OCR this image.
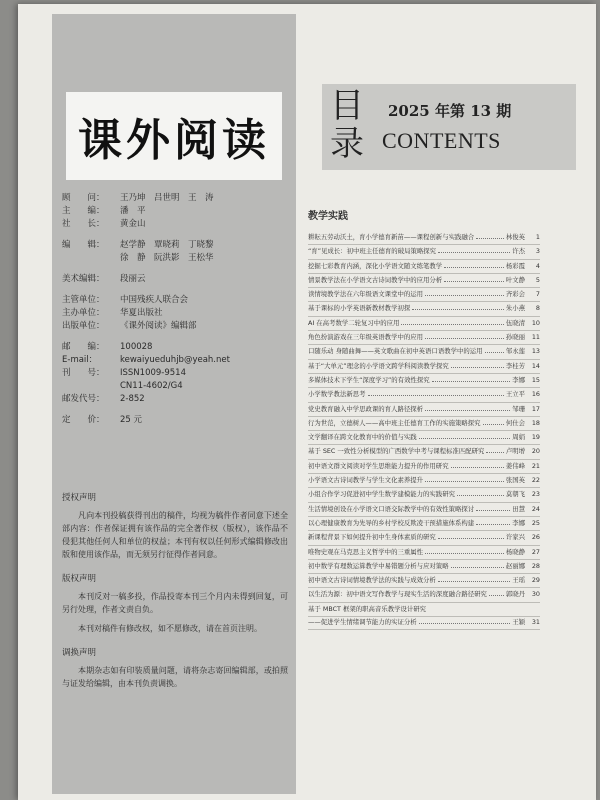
课外阅读
顾　　问：	王乃坤　吕世明　王　涛
主　　编：	潘　平
社　　长：	黄金山
编　　辑：	赵学静　覃晓莉　丁晓黎
徐　静　阮洪影　王松华
美术编辑：	段丽云
主管单位：	中国残疾人联合会
主办单位：	华夏出版社
出版单位：	《课外阅读》编辑部
邮　　编：	100028
E-mail：	kewaiyueduhjb@yeah.net
刊　　号：	ISSN1009-9514
CN11-4602/G4
邮发代号：	2-852
定　　价：	25 元
授权声明

凡向本刊投稿获得刊出的稿件，均视为稿件作者同意下述全部内容：作者保证拥有该作品的完全著作权（版权），该作品不侵犯其他任何人和单位的权益；本刊有权以任何形式编辑修改出版和使用该作品，而无须另行征得作者同意。

版权声明

本刊反对一稿多投，作品投寄本刊三个月内未得到回复，可另行处理，作者文责自负。

本刊对稿件有修改权，如不愿修改，请在首页注明。

调换声明

本期杂志如有印装质量问题，请将杂志寄回编辑部，或拍照与证发给编辑，由本刊负责调换。

目
录
2025 年第 13 期
CONTENTS
教学实践
耕耘五劳动沃土，育小学德育新苗——课程创新与实践融合	林俊英	1
“育”见成长：初中班主任德育的破局策略探究	许杰	3
挖掘七彩教育内涵，深化小学语文随文练笔教学	杨彩霞	4
情景教学法在小学语文古诗词教学中的应用分析	叶文静	5
读情境教学法在六年级语文课堂中的运用	齐彩会	7
基于课标的小学英语新教材教学初探	朱小燕	8
AI 在高考数学二轮复习中的应用	伍晓清	10
角色扮演游戏在三年级英语教学中的应用	孙晓丽	11
口随乐动 身随曲舞——英文歌曲在初中英语口语教学中的运用	邹永莲	13
基于“大单元”理念的小学语文跨学科阅读教学探究	李桂芳	14
多媒体技术下学生“深度学习”的有效性探究	李娜	15
小学数学教法新思考	王立平	16
党史教育融入中学思政课的育人路径探析	邹珊	17
行为世范，立德树人——高中班主任德育工作的实施策略探究	何仕会	18
文学翻译在跨文化教育中的价值与实践	周娟	19
基于 SEC 一致性分析模型的广西数学中考与课程标准匹配研究	卢明增	20
初中语文群文阅读对学生思维能力提升的作用研究	姜伟峰	21
小学语文古诗词教学与学生文化素养提升	张国英	22
小组合作学习促进初中学生数学建模能力的实践研究	莫朝飞	23
生活情境创设在小学语文口语交际教学中的有效性策略探讨	田慧	24
以心理健康教育为先导的乡村学校反欺凌干预措施体系构建	李娜	25
新课程背景下如何提升初中生身体素质的研究	许家兴	26
唯物史观在马克思主义哲学中的三重属性	杨晓静	27
初中数学有理数运算教学中易错题分析与应对策略	赵丽娜	28
初中语文古诗词情境教学法的实践与成效分析	王瑶	29
以生活为源：初中语文写作教学与现实生活的深度融合路径研究	郭晓丹	30
基于 MBCT 框架的职高音乐教学设计研究
——促进学生情绪调节能力的实证分析	王颖	31
